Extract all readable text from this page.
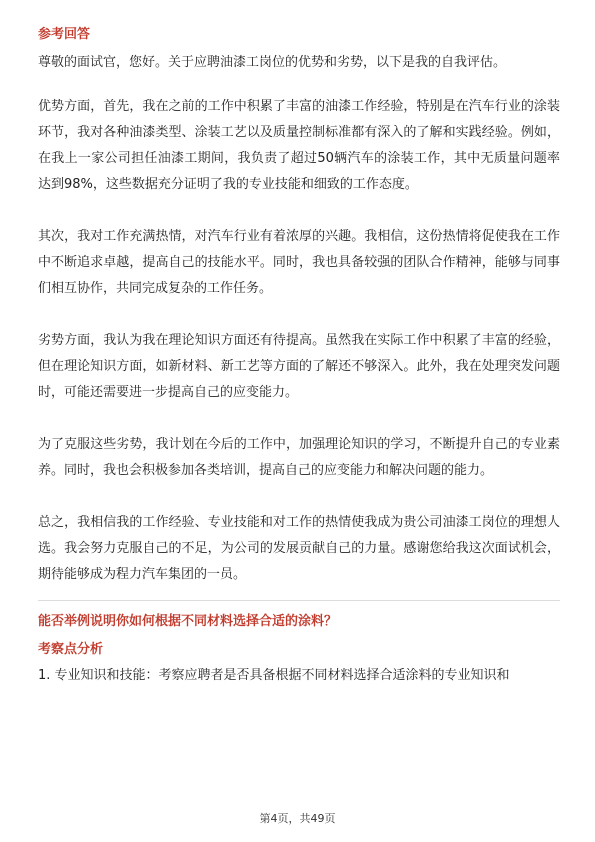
参考回答

尊敬的面试官，您好。关于应聘油漆工岗位的优势和劣势，以下是我的自我评估。

优势方面，首先，我在之前的工作中积累了丰富的油漆工作经验，特别是在汽车行业的涂装环节，我对各种油漆类型、涂装工艺以及质量控制标准都有深入的了解和实践经验。例如，在我上一家公司担任油漆工期间，我负责了超过50辆汽车的涂装工作，其中无质量问题率达到98%，这些数据充分证明了我的专业技能和细致的工作态度。

其次，我对工作充满热情，对汽车行业有着浓厚的兴趣。我相信，这份热情将促使我在工作中不断追求卓越，提高自己的技能水平。同时，我也具备较强的团队合作精神，能够与同事们相互协作，共同完成复杂的工作任务。

劣势方面，我认为我在理论知识方面还有待提高。虽然我在实际工作中积累了丰富的经验，但在理论知识方面，如新材料、新工艺等方面的了解还不够深入。此外，我在处理突发问题时，可能还需要进一步提高自己的应变能力。

为了克服这些劣势，我计划在今后的工作中，加强理论知识的学习，不断提升自己的专业素养。同时，我也会积极参加各类培训，提高自己的应变能力和解决问题的能力。

总之，我相信我的工作经验、专业技能和对工作的热情使我成为贵公司油漆工岗位的理想人选。我会努力克服自己的不足，为公司的发展贡献自己的力量。感谢您给我这次面试机会，期待能够成为程力汽车集团的一员。

能否举例说明你如何根据不同材料选择合适的涂料？
考察点分析

1. 专业知识和技能：考察应聘者是否具备根据不同材料选择合适涂料的专业知识和

第4页，共49页
